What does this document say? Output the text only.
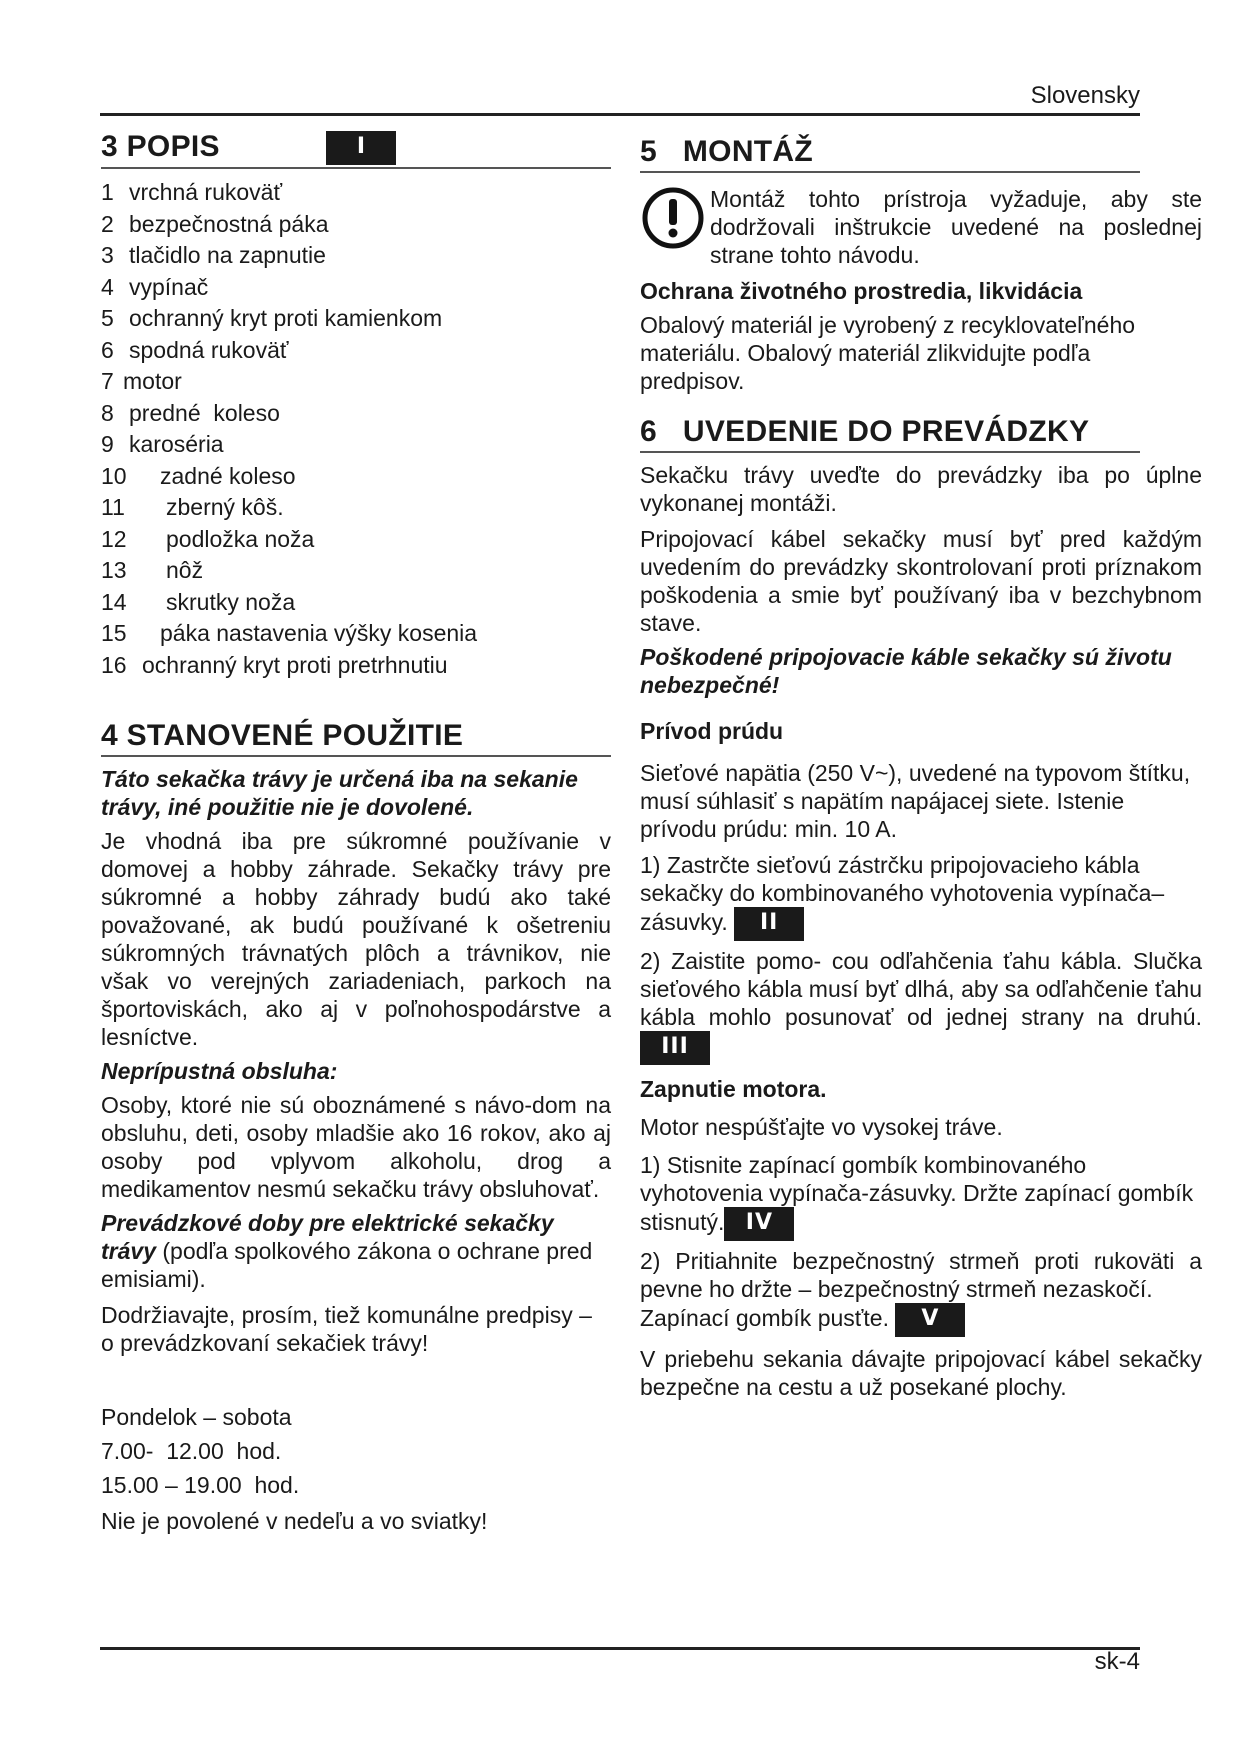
Slovensky
3 POPIS	I
1 vrchná rukoväť
2 bezpečnostná páka
3 tlačidlo na zapnutie
4 vypínač
5 ochranný kryt proti kamienkom
6 spodná rukoväť
7 motor
8 predné  koleso
9 karoséria
10	zadné koleso
11	zberný kôš.
12	podložka noža
13	nôž
14	skrutky noža
15	páka nastavenia výšky kosenia
16 ochranný kryt proti pretrhnutiu
4 STANOVENÉ POUŽITIE

Táto sekačka trávy je určená iba na sekanie trávy, iné použitie nie je dovolené.

Je vhodná iba pre súkromné používanie v domovej a hobby záhrade. Sekačky trávy pre súkromné a hobby záhrady budú ako také považované, ak budú používané k ošetreniu súkromných trávnatých plôch a trávnikov, nie však vo verejných zariadeniach, parkoch na športoviskách, ako aj v poľnohospodárstve a lesníctve.

Neprípustná obsluha:

Osoby, ktoré nie sú oboznámené s návo-dom na obsluhu, deti, osoby mladšie ako 16 rokov, ako aj osoby pod vplyvom alkoholu, drog a medikamentov nesmú sekačku trávy obsluhovať.

Prevádzkové doby pre elektrické sekačky trávy (podľa spolkového zákona o ochrane pred emisiami).

Dodržiavajte, prosím, tiež komunálne predpisy – o prevádzkovaní sekačiek trávy!

Pondelok – sobota

7.00-  12.00  hod.

15.00 – 19.00  hod.

Nie je povolené v nedeľu a vo sviatky!

5   MONTÁŽ
Montáž tohto prístroja vyžaduje, aby ste dodržovali inštrukcie uvedené na poslednej strane tohto návodu.

Ochrana životného prostredia, likvidácia

Obalový materiál je vyrobený z recyklovateľného materiálu. Obalový materiál zlikvidujte podľa predpisov.

6   UVEDENIE DO PREVÁDZKY

Sekačku trávy uveďte do prevádzky iba po úplne vykonanej montáži.

Pripojovací kábel sekačky musí byť pred každým uvedením do prevádzky skontrolovaní proti príznakom poškodenia a smie byť používaný iba v bezchybnom stave.

Poškodené pripojovacie káble sekačky sú životu nebezpečné!

Prívod prúdu

Sieťové napätia (250 V~), uvedené na typovom štítku, musí súhlasiť s napätím napájacej siete. Istenie prívodu prúdu: min. 10 A.

1) Zastrčte sieťovú zástrčku pripojovacieho kábla sekačky do kombinovaného vyhotovenia vypínača–zásuvky. II

2) Zaistite pomo- cou odľahčenia ťahu kábla. Slučka sieťového kábla musí byť dlhá, aby sa odľahčenie ťahu kábla mohlo posunovať od jednej strany na druhú. III

Zapnutie motora.

Motor nespúšťajte vo vysokej tráve.

1) Stisnite zapínací gombík kombinovaného vyhotovenia vypínača-zásuvky. Držte zapínací gombík stisnutý. IV

2) Pritiahnite bezpečnostný strmeň proti rukoväti a pevne ho držte – bezpečnostný strmeň nezaskočí.

Zapínací gombík pusťte. V

V priebehu sekania dávajte pripojovací kábel sekačky bezpečne na cestu a už posekané plochy.

sk-4
